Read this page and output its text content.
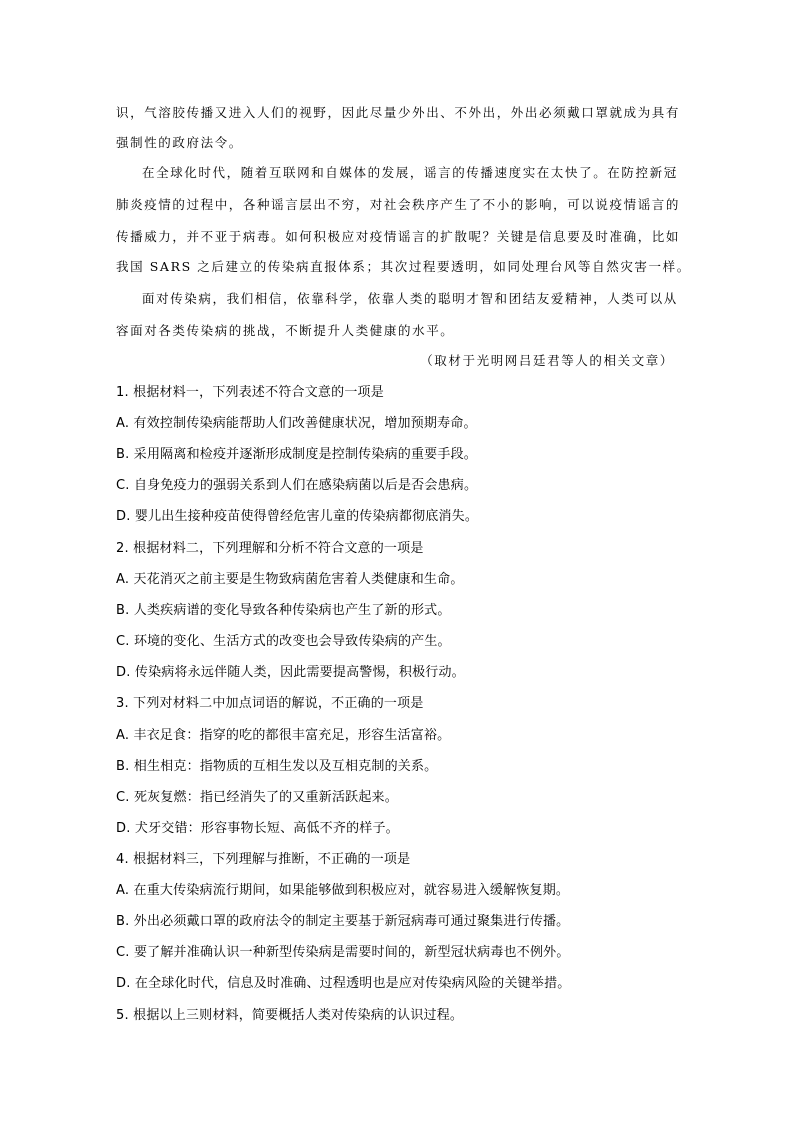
识，气溶胶传播又进入人们的视野，因此尽量少外出、不外出，外出必须戴口罩就成为具有
强制性的政府法令。
在全球化时代，随着互联网和自媒体的发展，谣言的传播速度实在太快了。在防控新冠
肺炎疫情的过程中，各种谣言层出不穷，对社会秩序产生了不小的影响，可以说疫情谣言的
传播威力，并不亚于病毒。如何积极应对疫情谣言的扩散呢？关键是信息要及时准确，比如
我国 SARS 之后建立的传染病直报体系；其次过程要透明，如同处理台风等自然灾害一样。
面对传染病，我们相信，依靠科学，依靠人类的聪明才智和团结友爱精神，人类可以从
容面对各类传染病的挑战，不断提升人类健康的水平。
（取材于光明网吕廷君等人的相关文章）
1. 根据材料一，下列表述不符合文意的一项是
A. 有效控制传染病能帮助人们改善健康状况，增加预期寿命。
B. 采用隔离和检疫并逐渐形成制度是控制传染病的重要手段。
C. 自身免疫力的强弱关系到人们在感染病菌以后是否会患病。
D. 婴儿出生接种疫苗使得曾经危害儿童的传染病都彻底消失。
2. 根据材料二，下列理解和分析不符合文意的一项是
A. 天花消灭之前主要是生物致病菌危害着人类健康和生命。
B. 人类疾病谱的变化导致各种传染病也产生了新的形式。
C. 环境的变化、生活方式的改变也会导致传染病的产生。
D. 传染病将永远伴随人类，因此需要提高警惕，积极行动。
3. 下列对材料二中加点词语的解说，不正确的一项是
A. 丰衣足食：指穿的吃的都很丰富充足，形容生活富裕。
B. 相生相克：指物质的互相生发以及互相克制的关系。
C. 死灰复燃：指已经消失了的又重新活跃起来。
D. 犬牙交错：形容事物长短、高低不齐的样子。
4. 根据材料三，下列理解与推断，不正确的一项是
A. 在重大传染病流行期间，如果能够做到积极应对，就容易进入缓解恢复期。
B. 外出必须戴口罩的政府法令的制定主要基于新冠病毒可通过聚集进行传播。
C. 要了解并准确认识一种新型传染病是需要时间的，新型冠状病毒也不例外。
D. 在全球化时代，信息及时准确、过程透明也是应对传染病风险的关键举措。
5. 根据以上三则材料，简要概括人类对传染病的认识过程。
